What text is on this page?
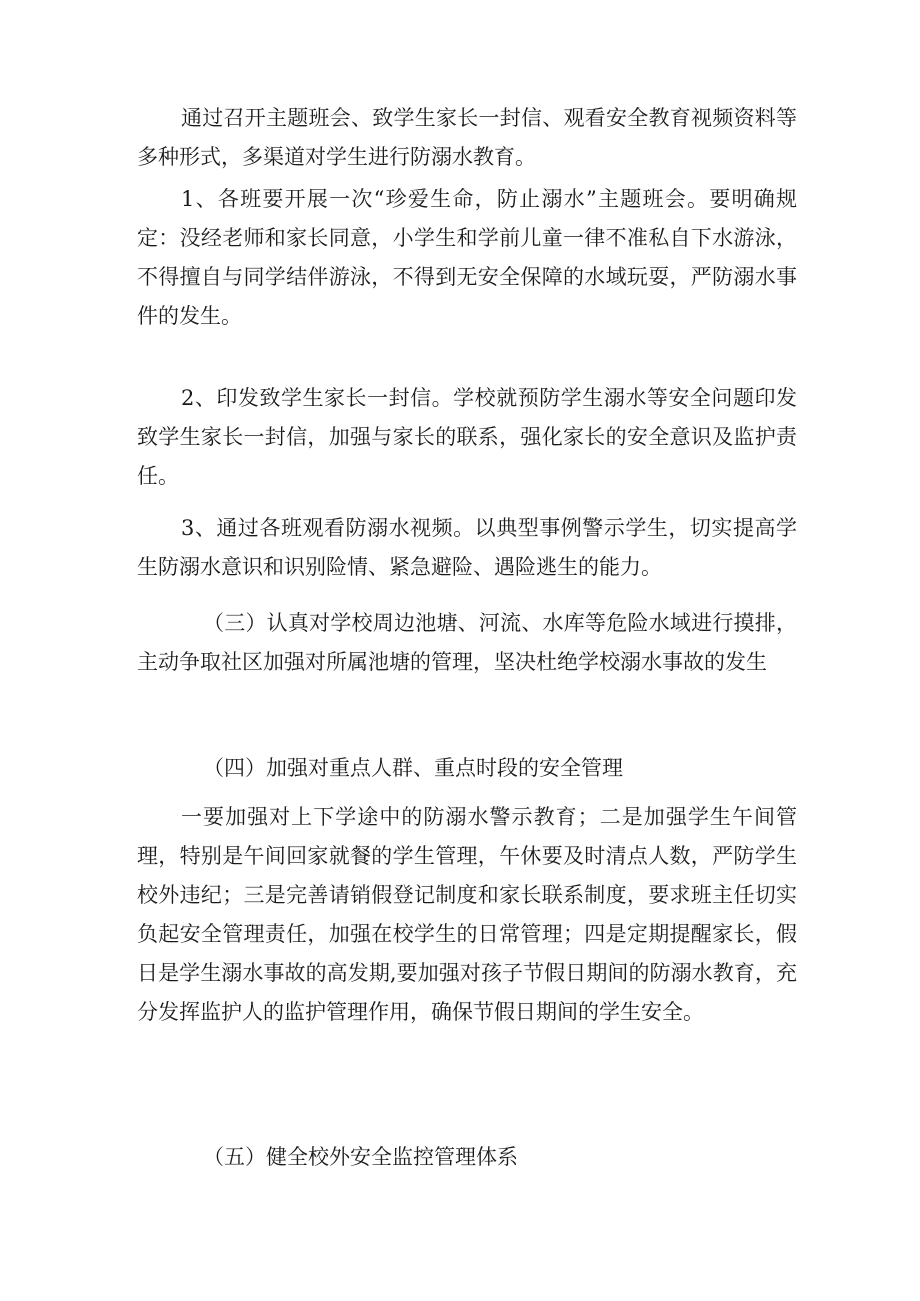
通过召开主题班会、致学生家长一封信、观看安全教育视频资料等多种形式，多渠道对学生进行防溺水教育。

1、各班要开展一次“珍爱生命，防止溺水”主题班会。要明确规定：没经老师和家长同意，小学生和学前儿童一律不准私自下水游泳，不得擅自与同学结伴游泳，不得到无安全保障的水域玩耍，严防溺水事件的发生。

2、印发致学生家长一封信。学校就预防学生溺水等安全问题印发致学生家长一封信，加强与家长的联系，强化家长的安全意识及监护责任。

3、通过各班观看防溺水视频。以典型事例警示学生，切实提高学生防溺水意识和识别险情、紧急避险、遇险逃生的能力。

（三）认真对学校周边池塘、河流、水库等危险水域进行摸排，主动争取社区加强对所属池塘的管理，坚决杜绝学校溺水事故的发生

（四）加强对重点人群、重点时段的安全管理

一要加强对上下学途中的防溺水警示教育；二是加强学生午间管理，特别是午间回家就餐的学生管理，午休要及时清点人数，严防学生校外违纪；三是完善请销假登记制度和家长联系制度，要求班主任切实负起安全管理责任，加强在校学生的日常管理；四是定期提醒家长，假日是学生溺水事故的高发期,要加强对孩子节假日期间的防溺水教育，充分发挥监护人的监护管理作用，确保节假日期间的学生安全。

（五）健全校外安全监控管理体系
